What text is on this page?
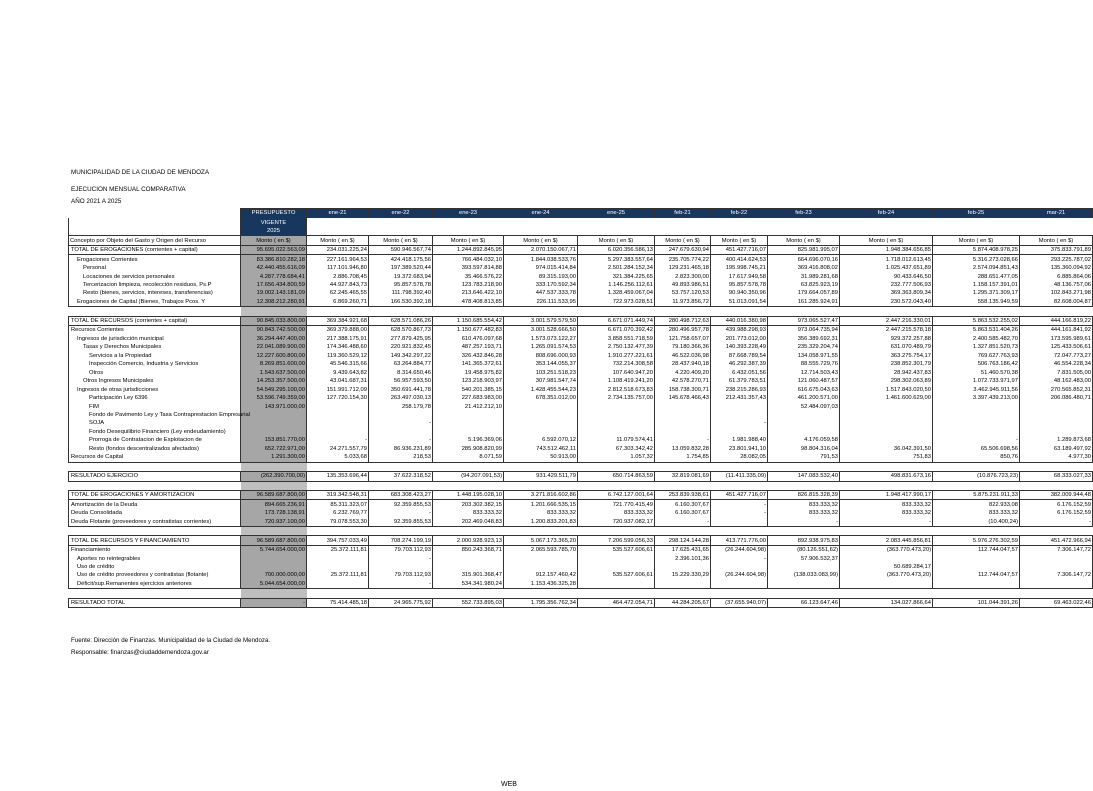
MUNICIPALIDAD DE LA CIUDAD DE MENDOZA
EJECUCION MENSUAL COMPARATIVA
AÑO 2021 A 2025
	PRESUPUESTO	ene-21	ene-22	ene-23	ene-24	ene-25	feb-21	feb-22	feb-23	feb-24	feb-25	mar-21
	VIGENTE											
	2025											
Concepto por Objeto del Gasto y Origen del Recurso	Monto ( en $)	Monto ( en $)	Monto ( en $)	Monto ( en $)	Monto ( en $)	Monto ( en $)	Monto ( en $)	Monto ( en $)	Monto ( en $)	Monto ( en $)	Monto ( en $)	Monto ( en $)
TOTAL DE EROGACIONES (corrientes + capital)	95.695.022.563,09	234.031.225,24	590.946.567,74	1.244.892.845,95	2.070.150.067,71	6.020.356.586,13	247.679.630,94	451.427.716,07	825.981.995,07	1.948.384.656,85	5.874.408.978,25	375.833.791,89
Erogaciones Corrientes	83.386.810.282,18	227.161.964,53	424.418.175,56	766.484.032,10	1.844.038.533,76	5.297.383.557,64	235.705.774,22	400.414.624,53	664.696.070,16	1.718.012.613,45	5.316.273.028,66	293.225.787,02
Personal	42.440.455.616,09	117.101.946,80	197.389.520,44	393.597.814,88	974.015.414,84	2.501.284.152,34	129.231.465,18	195.998.745,21	369.416.808,02	1.025.437.651,89	2.574.094.851,43	135.360.094,92
Locaciones de servicios personales	4.287.778.684,41	2.886.708,45	19.372.683,94	35.466.576,22	89.315.193,00	321.384.225,65	2.823.300,00	17.617.949,58	31.989.281,68	90.433.646,50	288.651.477,05	6.885.864,06
Tercerizacion limpieza, recolección residuos, Ps.P	17.656.434.800,59	44.927.843,73	95.857.578,78	123.783.218,90	333.170.592,34	1.146.256.112,61	49.893.986,51	95.857.578,78	63.825.923,19	232.777.506,93	1.158.157.391,01	48.136.757,06
Resto (bienes, servicios, intereses, transferencias)	19.002.143.181,09	62.245.465,55	111.798.392,40	213.646.422,10	447.537.333,78	1.328.459.067,04	53.757.120,53	90.940.350,96	179.664.057,89	369.363.809,34	1.295.371.309,17	102.843.271,98
Erogaciones de Capital (Bienes, Trabajos Pcos. Y	12.308.212.280,91	6.869.260,71	166.530.392,18	478.408.813,85	226.111.533,95	722.973.028,51	11.973.856,72	51.013.091,54	161.285.924,91	230.572.043,40	558.135.949,59	82.608.004,87

TOTAL DE RECURSOS (corrientes + capital)	90.845.033.800,00	369.384.921,68	628.571.086,26	1.150.685.554,42	3.001.579.579,50	6.671.071.449,74	280.498.712,63	440.016.380,98	973.065.527,47	2.447.216.330,01	5.863.532.255,02	444.166.819,22
Recursos Corrientes	90.843.742.500,00	369.379.888,00	628.570.867,73	1.150.677.482,83	3.001.528.666,50	6.671.070.392,42	280.496.957,78	439.988.298,93	973.064.735,94	2.447.215.578,18	5.863.531.404,26	444.161.841,92
Ingresos de jurisdicción municipal	36.294.447.400,00	217.388.175,91	277.879.425,95	610.476.097,68	1.573.073.122,27	3.858.551.718,59	121.758.657,07	201.773.012,00	356.389.692,31	929.372.257,88	2.400.585.482,70	173.595.989,61
Tasas y Derechos Municipales	22.041.089.900,00	174.346.488,60	220.921.832,45	487.257.193,71	1.265.091.574,53	2.750.132.477,39	79.180.366,36	140.393.228,49	235.329.204,74	631.070.489,79	1.327.851.520,73	125.433.506,61
Servicios a la Propiedad	12.227.600.800,00	119.360.529,12	149.342.297,22	326.432.846,28	808.696.000,93	1.910.277.221,61	46.522.036,98	87.668.789,54	134.058.971,55	363.275.754,17	769.627.763,93	72.047.773,27
Inspección Comercio, Industria y Servicios	8.269.851.600,00	45.546.315,66	63.264.884,77	141.365.372,61	353.144.055,37	732.214.308,58	28.437.940,18	46.292.387,39	88.555.729,76	238.852.301,79	506.763.186,42	46.554.228,34
Otros	1.543.637.500,00	9.439.643,82	8.314.650,46	19.458.975,82	103.251.518,23	107.640.947,20	4.220.409,20	6.432.051,56	12.714.503,43	28.942.437,83	51.460.570,38	7.831.505,00
Otros Ingresos Municipales	14.253.357.500,00	43.041.687,31	56.957.593,50	123.218.903,97	307.981.547,74	1.108.419.241,20	42.578.270,71	61.379.783,51	121.060.487,57	298.302.063,89	1.072.733.971,97	48.162.483,00
Ingresos de otras jurisdicciones	54.549.295.100,00	151.991.712,09	350.691.441,78	540.201.385,15	1.428.455.544,23	2.812.518.673,83	158.738.300,71	238.215.286,93	616.675.043,63	1.517.843.020,50	3.462.945.911,56	270.565.852,31
Participación Ley 6396	53.596.749.359,00	127.720.154,30	263.497.030,13	227.683.983,00	678.351.012,00	2.734.135.757,00	145.678.466,43	212.431.357,43	461.200.571,00	1.461.600.629,00	3.397.439.213,00	206.086.480,71
FIM	143.971.000,00		258.179,78	21.412.212,10					52.484.097,03			
Fondo de Pavimento Ley y Tasa Contraprestacion Empresarial												
SOJA			-					-				
Fondo Desequilibrio Financiero (Ley endeudamiento)												
Prorroga de Contratacion de Explotacion de	153.851.770,00	-	-	5.196.369,06	6.592.070,12	11.079.574,41	-	1.981.988,40	4.176.059,58		-	1.289.873,68
Resto (fondos descentralizados afectados)	652.722.971,00	24.271.557,79	86.936.231,89	285.908.820,99	743.512.462,11	67.303.342,42	13.059.832,28	23.801.941,10	98.804.316,04	36.042.391,50	65.506.698,56	63.189.497,92
Recursos de Capital	1.291.300,00	5.033,68	218,53	8.071,59	50.913,00	1.057,32	1.754,85	28.082,05	791,53	751,83	850,76	4.977,30

RESULTADO EJERCICIO	(262.390.700,00)	135.353.696,44	37.622.318,52	(94.207.091,53)	931.429.511,79	650.714.863,59	32.819.081,69	(11.411.335,09)	147.083.532,40	498.831.673,16	(10.876.723,23)	68.333.027,33

TOTAL DE EROGACIONES Y AMORTIZACION	96.589.687.800,00	319.342.548,31	683.308.423,27	1.448.195.028,10	3.271.816.602,86	6.742.127.001,64	253.839.938,61	451.427.716,07	826.815.328,39	1.948.417.990,17	5.875.231.911,33	382.009.944,48
Amortización de la Deuda	894.665.236,91	85.311.323,07	92.359.855,53	203.302.382,15	1.201.666.535,15	721.770.415,49	6.160.307,67	-	833.333,32	833.333,32	822.933,08	6.176.152,59
Deuda Consolidada	173.728.138,91	6.232.769,77	-	833.333,32	833.333,32	833.333,32	6.160.307,67	-	833.333,32	833.333,32	833.333,32	6.176.152,59
Deuda Flotante (proveedores y contratistas corrientes)	720.937.100,00	79.078.553,30	92.359.855,53	202.469.048,83	1.200.833.201,83	720.937.082,17	-		-	-	(10.400,24)	-

TOTAL DE RECURSOS Y FINANCIAMIENTO	96.589.687.800,00	394.757.033,49	708.274.199,19	2.000.928.923,13	5.067.173.365,20	7.206.599.056,33	298.124.144,28	413.771.776,00	892.938.975,83	2.083.445.856,81	5.976.276.302,59	451.472.966,94
Financiamiento	5.744.654.000,00	25.372.111,81	79.703.112,93	850.243.368,71	2.065.593.785,70	535.527.606,61	17.625.431,65	(26.244.604,98)	(80.126.551,62)	(363.770.473,20)	112.744.047,57	7.306.147,72
Aportes no reintegrables			-				2.396.101,36	-	57.906.532,37			
Uso de crédito										50.689.284,17		
Uso de crédito proveedores y contratistas (flotante)	700.000.000,00	25.372.111,81	79.703.112,93	315.901.368,47	912.157.460,42	535.527.606,61	15.229.330,29	(26.244.604,98)	(138.033.083,99)	(363.770.473,20)	112.744.047,57	7.306.147,72
Déficit/sup.Remanentes ejercicios anteriores	5.044.654.000,00		-	534.341.980,24	1.153.436.325,28							

RESULTADO TOTAL	-	75.414.485,18	24.965.775,92	552.733.895,03	1.795.356.762,34	464.472.054,71	44.284.205,67	(37.655.940,07)	66.123.647,46	134.027.866,64	101.044.391,26	69.463.022,46
Fuente: Dirección de Finanzas. Municipalidad de la Ciudad de Mendoza.
Responsable: finanzas@ciudaddemendoza.gov.ar
WEB
